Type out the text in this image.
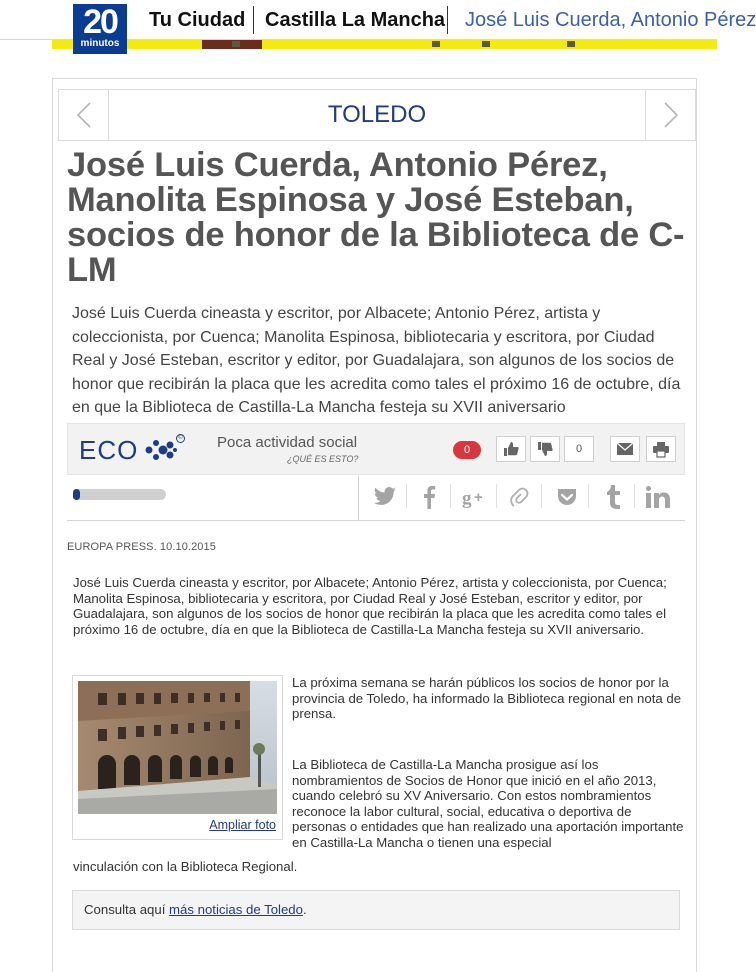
Tu Ciudad Castilla La Mancha José Luis Cuerda, Antonio Pérez
20
minutos
TOLEDO
José Luis Cuerda, Antonio Pérez, Manolita Espinosa y José Esteban, socios de honor de la Biblioteca de C-LM

José Luis Cuerda cineasta y escritor, por Albacete; Antonio Pérez, artista y coleccionista, por Cuenca; Manolita Espinosa, bibliotecaria y escritora, por Ciudad Real y José Esteban, escritor y editor, por Guadalajara, son algunos de los socios de honor que recibirán la placa que les acredita como tales el próximo 16 de octubre, día en que la Biblioteca de Castilla-La Mancha festeja su XVII aniversario

ECO	© Poca actividad social
¿QUÉ ES ESTO?
0	0
g +
EUROPA PRESS. 10.10.2015

José Luis Cuerda cineasta y escritor, por Albacete; Antonio Pérez, artista y coleccionista, por Cuenca; Manolita Espinosa, bibliotecaria y escritora, por Ciudad Real y José Esteban, escritor y editor, por Guadalajara, son algunos de los socios de honor que recibirán la placa que les acredita como tales el próximo 16 de octubre, día en que la Biblioteca de Castilla-La Mancha festeja su XVII aniversario.

Ampliar foto

La próxima semana se harán públicos los socios de honor por la provincia de Toledo, ha informado la Biblioteca regional en nota de prensa.

La Biblioteca de Castilla-La Mancha prosigue así los nombramientos de Socios de Honor que inició en el año 2013, cuando celebró su XV Aniversario. Con estos nombramientos reconoce la labor cultural, social, educativa o deportiva de personas o entidades que han realizado una aportación importante en Castilla-La Mancha o tienen una especial

vinculación con la Biblioteca Regional.

Consulta aquí más noticias de Toledo.
